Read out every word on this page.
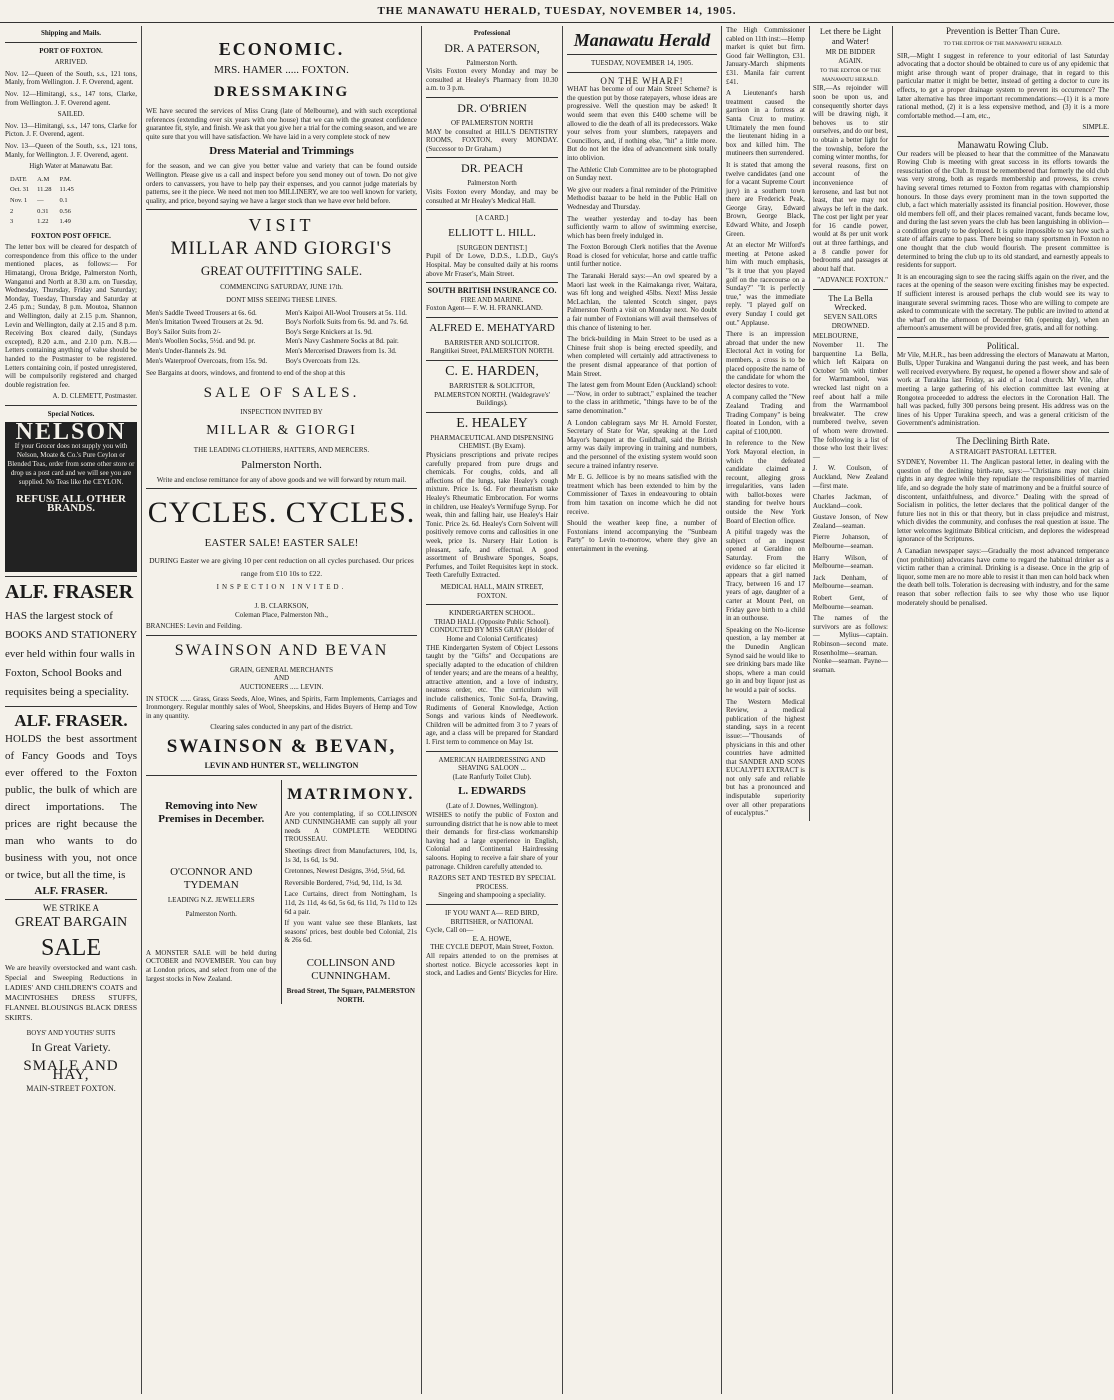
THE MANAWATU HERALD, TUESDAY, NOVEMBER 14, 1905.
Shipping and Mails.
PORT OF FOXTON.
ARRIVED.

Nov. 12—Queen of the South, s.s., 121 tons, Manly, from Wellington. J. F. Overend, agent.

Nov. 12—Himitangi, s.s., 147 tons, Clarke, from Wellington. J. F. Overend agent.

SAILED.

Nov. 13—Himitangi, s.s., 147 tons, Clarke for Picton. J. F. Overend, agent.

Nov. 13—Queen of the South, s.s., 121 tons, Manly, for Wellington. J. F. Overend, agent.

High Water at Manawatu Bar.
DATE	A.M	P.M.
Oct. 31	11.28	11.45
Nov. 1	—	0.1
2	0.31	0.56
3	1.22	1.49
FOXTON POST OFFICE.

The letter box will be cleared for despatch of correspondence from this office to the under mentioned places, as follows:— For Himatangi, Oroua Bridge, Palmerston North, Wanganui and North at 8.30 a.m. on Tuesday, Wednesday, Thursday, Friday and Saturday; Monday, Tuesday, Thursday and Saturday at 2.45 p.m.; Sunday, 8 p.m. Moutoa, Shannon and Wellington, daily at 2.15 p.m. Shannon, Levin and Wellington, daily at 2.15 and 8 p.m. Receiving Box cleared daily, (Sundays excepted), 8.20 a.m., and 2.10 p.m. N.B.—Letters containing anything of value should be handed to the Postmaster to be registered. Letters containing coin, if posted unregistered, will be compulsorily registered and charged double registration fee.

A. D. CLEMETT, Postmaster.

Special Notices.
NELSON
If your Grocer does not supply you with Nelson, Moate & Co.'s Pure Ceylon or Blended Teas, order from some other store or drop us a post card and we will see you are supplied. No Teas like the CEYLON.
REFUSE ALL OTHER BRANDS.
ALF. FRASER
HAS the largest stock of BOOKS AND STATIONERY ever held within four walls in Foxton, School Books and requisites being a speciality.
ALF. FRASER.
HOLDS the best assortment of Fancy Goods and Toys ever offered to the Foxton public, the bulk of which are direct importations. The prices are right because the man who wants to do business with you, not once or twice, but all the time, is
ALF. FRASER.
WE STRIKE A
GREAT BARGAIN
SALE

We are heavily overstocked and want cash. Special and Sweeping Reductions in LADIES' AND CHILDREN'S COATS and MACINTOSHES DRESS STUFFS, FLANNEL BLOUSINGS BLACK DRESS SKIRTS.

BOYS' AND YOUTHS' SUITS
In Great Variety.
SMALE AND HAY,
MAIN-STREET FOXTON.
ECONOMIC.
MRS. HAMER ..... FOXTON.
DRESSMAKING

WE have secured the services of Miss Crang (late of Melbourne), and with such exceptional references (extending over six years with one house) that we can with the greatest confidence guarantee fit, style, and finish. We ask that you give her a trial for the coming season, and we are quite sure that you will have satisfaction. We have laid in a very complete stock of new

Dress Material and Trimmings

for the season, and we can give you better value and variety that can be found outside Wellington. Please give us a call and inspect before you send money out of town. Do not give orders to canvassers, you have to help pay their expenses, and you cannot judge materials by patterns, see it the piece. We need not men too MILLINERY, we are too well known for variety, quality, and price, beyond saying we have a larger stock than we have ever held before.

VISIT
MILLAR AND GIORGI'S
GREAT OUTFITTING SALE.
COMMENCING SATURDAY, JUNE 17th.
DONT MISS SEEING THESE LINES.
Men's Saddle Tweed Trousers at 6s. 6d.	Men's Kaipoi All-Wool Trousers at 5s. 11d.
Men's Imitation Tweed Trousers at 2s. 9d.	Boy's Norfolk Suits from 6s. 9d. and 7s. 6d.
Boy's Sailor Suits from 2/-	Boy's Serge Knickers at 1s. 9d.
Men's Woollen Socks, 5½d. and 9d. pr.	Men's Navy Cashmere Socks at 8d. pair.
Men's Under-flannels 2s. 9d.	Men's Mercerised Drawers from 1s. 3d.
Men's Waterproof Overcoats, from 15s. 9d.	Boy's Overcoats from 12s.

See Bargains at doors, windows, and frontend to end of the shop at this

SALE OF SALES.
INSPECTION INVITED BY
MILLAR & GIORGI
THE LEADING CLOTHIERS, HATTERS, AND MERCERS.
Palmerston North.
Write and enclose remittance for any of above goods and we will forward by return mail.
CYCLES. CYCLES.
EASTER SALE! EASTER SALE!
DURING Easter we are giving 10 per cent reduction on all cycles purchased. Our prices range from £10 10s to £22.
INSPECTION INVITED.
J. B. CLARKSON,
Coleman Place, Palmerston Nth.,
BRANCHES: Levin and Feilding.
SWAINSON AND BEVAN
GRAIN, GENERAL MERCHANTS
AND
AUCTIONEERS ..... LEVIN.

IN STOCK ...... Grass, Grass Seeds, Aloe, Wines, and Spirits, Farm Implements, Carriages and Ironmongery. Regular monthly sales of Wool, Sheepskins, and Hides Buyers of Hemp and Tow in any quantity.

Clearing sales conducted in any part of the district.
SWAINSON & BEVAN,
LEVIN AND HUNTER ST., WELLINGTON
Removing into New Premises in December.
O'CONNOR AND TYDEMAN
LEADING N.Z. JEWELLERS
Palmerston North.

A MONSTER SALE will be held during OCTOBER and NOVEMBER. You can buy at London prices, and select from one of the largest stocks in New Zealand.

MATRIMONY.

Are you contemplating, if so COLLINSON AND CUNNINGHAME can supply all your needs A COMPLETE WEDDING TROUSSEAU.

Sheetings direct from Manufacturers, 10d, 1s, 1s 3d, 1s 6d, 1s 9d.

Cretonnes, Newest Designs, 3½d, 5½d, 6d.

Reversible Bordered, 7½d, 9d, 11d, 1s 3d.

Lace Curtains, direct from Nottingham, 1s 11d, 2s 11d, 4s 6d, 5s 6d, 6s 11d, 7s 11d to 12s 6d a pair.

If you want value see these Blankets, last seasons' prices, best double bed Colonial, 21s & 26s 6d.

COLLINSON AND CUNNINGHAM.
Broad Street, The Square, PALMERSTON NORTH.
Professional
DR. A PATERSON,
Palmerston North.

Visits Foxton every Monday and may be consulted at Healey's Pharmacy from 10.30 a.m. to 3 p.m.

DR. O'BRIEN
OF PALMERSTON NORTH

MAY be consulted at HILL'S DENTISTRY ROOMS, FOXTON, every MONDAY. (Successor to Dr Graham.)

DR. PEACH
Palmerston North

Visits Foxton every Monday, and may be consulted at Mr Healey's Medical Hall.

[A CARD.]
ELLIOTT L. HILL.
[SURGEON DENTIST.]

Pupil of Dr Lowe, D.D.S., L.D.D., Guy's Hospital. May be consulted daily at his rooms above Mr Fraser's, Main Street.

SOUTH BRITISH INSURANCE CO.
FIRE AND MARINE.

Foxton Agent— F. W. H. FRANKLAND.

ALFRED E. MEHATYARD
BARRISTER AND SOLICITOR.
Rangitikei Street, PALMERSTON NORTH.
C. E. HARDEN,
BARRISTER & SOLICITOR,
PALMERSTON NORTH. (Waldegrave's' Buildings).
E. HEALEY
PHARMACEUTICAL AND DISPENSING CHEMIST. (By Exam).

Physicians prescriptions and private recipes carefully prepared from pure drugs and chemicals. For coughs, colds, and all affections of the lungs, take Healey's cough mixture. Price 1s. 6d. For rheumatism take Healey's Rheumatic Embrocation. For worms in children, use Healey's Vermifuge Syrup. For weak, thin and falling hair, use Healey's Hair Tonic. Price 2s. 6d. Healey's Corn Solvent will positively remove corns and callosities in one week, price 1s. Nursery Hair Lotion is pleasant, safe, and effectual. A good assortment of Brushware Sponges, Soaps, Perfumes, and Toilet Requisites kept in stock. Teeth Carefully Extracted.

MEDICAL HALL, MAIN STREET, FOXTON.
KINDERGARTEN SCHOOL.
TRIAD HALL (Opposite Public School).
CONDUCTED BY MISS GRAY (Holder of Home and Colonial Certificates)

THE Kindergarten System of Object Lessons taught by the "Gifts" and Occupations are specially adapted to the education of children of tender years; and are the means of a healthy, attractive attention, and a love of industry, neatness order, etc. The curriculum will include calisthenics, Tonic Sol-fa, Drawing, Rudiments of General Knowledge, Action Songs and various kinds of Needlework. Children will be admitted from 3 to 7 years of age, and a class will be prepared for Standard I. First term to commence on May 1st.

AMERICAN HAIRDRESSING AND SHAVING SALOON ...
(Late Ranfurly Toilet Club).
L. EDWARDS
(Late of J. Downes, Wellington).

WISHES to notify the public of Foxton and surrounding district that he is now able to meet their demands for first-class workmanship having had a large experience in English, Colonial and Continental Hairdressing saloons. Hoping to receive a fair share of your patronage. Children carefully attended to.

RAZORS SET AND TESTED BY SPECIAL PROCESS.
Singeing and shampooing a speciality.
IF YOU WANT A— RED BIRD, BRITISHER, or NATIONAL
Cycle, Call on—
E. A. HOWE,
THE CYCLE DEPOT, Main Street, Foxton.

All repairs attended to on the premises at shortest notice. Bicycle accessories kept in stock, and Ladies and Gents' Bicycles for Hire.

Manawatu Herald
TUESDAY, NOVEMBER 14, 1905.
ON THE WHARF!

WHAT has become of our Main Street Scheme? is the question put by those ratepayers, whose ideas are progressive. Well the question may be asked! It would seem that even this £400 scheme will be allowed to die the death of all its predecessors. Wake your selves from your slumbers, ratepayers and Councillors, and, if nothing else, "hit" a little more. But do not let the idea of advancement sink totally into oblivion.

The Athletic Club Committee are to be photographed on Sunday next.

We give our readers a final reminder of the Primitive Methodist bazaar to be held in the Public Hall on Wednesday and Thursday.

The weather yesterday and to-day has been sufficiently warm to allow of swimming exercise, which has been freely indulged in.

The Foxton Borough Clerk notifies that the Avenue Road is closed for vehicular, horse and cattle traffic until further notice.

The Taranaki Herald says:—An owl speared by a Maori last week in the Kaimakanga river, Waitara, was 6ft long and weighed 45lbs. Next! Miss Jessie McLachlan, the talented Scotch singer, pays Palmerston North a visit on Monday next. No doubt a fair number of Foxtonians will avail themselves of this chance of listening to her.

The brick-building in Main Street to be used as a Chinese fruit shop is being erected speedily, and when completed will certainly add attractiveness to the present dismal appearance of that portion of Main Street.

The latest gem from Mount Eden (Auckland) school:—"Now, in order to subtract," explained the teacher to the class in arithmetic, "things have to be of the same denomination."

A London cablegram says Mr H. Arnold Forster, Secretary of State for War, speaking at the Lord Mayor's banquet at the Guildhall, said the British army was daily improving in training and numbers, and the personnel of the existing system would soon secure a trained infantry reserve.

Mr E. G. Jellicoe is by no means satisfied with the treatment which has been extended to him by the Commissioner of Taxes in endeavouring to obtain from him taxation on income which he did not receive.

Should the weather keep fine, a number of Foxtonians intend accompanying the "Sunbeam Party" to Levin to-morrow, where they give an entertainment in the evening.

The High Commissioner cabled on 11th inst:—Hemp market is quiet but firm. Good fair Wellington, £31. January-March shipments £31. Manila fair current £41.

A Lieutenant's harsh treatment caused the garrison in a fortress at Santa Cruz to mutiny. Ultimately the men found the lieutenant hiding in a box and killed him. The mutineers then surrendered.

It is stated that among the twelve candidates (and one for a vacant Supreme Court jury) in a southern town there are Frederick Peak, George Gray, Edward Brown, George Black, Edward White, and Joseph Green.

At an elector Mr Wilford's meeting at Petone asked him with much emphasis, "Is it true that you played golf on the racecourse on a Sunday?" "It is perfectly true," was the immediate reply. "I played golf on every Sunday I could get out." Applause.

There is an impression abroad that under the new Electoral Act in voting for members, a cross is to be placed opposite the name of the candidate for whom the elector desires to vote.

A company called the "New Zealand Trading and Trading Company" is being floated in London, with a capital of £100,000.

In reference to the New York Mayoral election, in which the defeated candidate claimed a recount, alleging gross irregularities, vans laden with ballot-boxes were standing for twelve hours outside the New York Board of Election office.

A pitiful tragedy was the subject of an inquest opened at Geraldine on Saturday. From the evidence so far elicited it appears that a girl named Tracy, between 16 and 17 years of age, daughter of a carter at Mount Peel, on Friday gave birth to a child in an outhouse.

Speaking on the No-license question, a lay member at the Dunedin Anglican Synod said he would like to see drinking bars made like shops, where a man could go in and buy liquor just as he would a pair of socks.

The Western Medical Review, a medical publication of the highest standing, says in a recent issue:—"Thousands of physicians in this and other countries have admitted that SANDER AND SONS EUCALYPTI EXTRACT is not only safe and reliable but has a pronounced and indisputable superiority over all other preparations of eucalyptus."

Let there be Light and Water!
MR DE BIDDER AGAIN.
TO THE EDITOR OF THE MANAWATU HERALD.

SIR,—As rejoinder will soon be upon us, and consequently shorter days will be drawing nigh, it behoves us to stir ourselves, and do our best, to obtain a better light for the township, before the coming winter months, for several reasons, first on account of the inconvenience of kerosene, and last but not least, that we may not always be left in the dark. The cost per light per year for 16 candle power, would at 8s per unit work out at three farthings, and a 8 candle power for bedrooms and passages at about half that.

"ADVANCE FOXTON."

The La Bella Wrecked.
SEVEN SAILORS DROWNED.

MELBOURNE, November 11. The barquentine La Bella, which left Kaipara on October 5th with timber for Warrnambool, was wrecked last night on a reef about half a mile from the Warrnambool breakwater. The crew numbered twelve, seven of whom were drowned. The following is a list of those who lost their lives:—

J. W. Coulson, of Auckland, New Zealand—first mate.

Charles Jackman, of Auckland—cook.

Gustave Jonson, of New Zealand—seaman.

Pierre Johanson, of Melbourne—seaman.

Harry Wilson, of Melbourne—seaman.

Jack Denham, of Melbourne—seaman.

Robert Gent, of Melbourne—seaman.

The names of the survivors are as follows:— Mylius—captain. Robinson—second mate. Rosenholme—seaman. Nonke—seaman. Payne—seaman.

Prevention is Better Than Cure.
TO THE EDITOR OF THE MANAWATU HERALD.

SIR,—Might I suggest in reference to your editorial of last Saturday advocating that a doctor should be obtained to cure us of any epidemic that might arise through want of proper drainage, that in regard to this particular matter it might be better, instead of getting a doctor to cure its effects, to get a proper drainage system to prevent its occurrence? The latter alternative has three important recommendations:—(1) it is a more rational method, (2) it is a less expensive method, and (3) it is a more comfortable method.—I am, etc.,

SIMPLE.

Manawatu Rowing Club.

Our readers will be pleased to hear that the committee of the Manawatu Rowing Club is meeting with great success in its efforts towards the resuscitation of the Club. It must be remembered that formerly the old club was very strong, both as regards membership and prowess, its crews having several times returned to Foxton from regattas with championship honours. In those days every prominent man in the town supported the club, a fact which materially assisted its financial position. However, those old members fell off, and their places remained vacant, funds became low, and during the last seven years the club has been languishing in oblivion—a condition greatly to be deplored. It is quite impossible to say how such a state of affairs came to pass. There being so many sportsmen in Foxton no one thought that the club would flourish. The present committee is determined to bring the club up to its old standard, and earnestly appeals to residents for support.

It is an encouraging sign to see the racing skiffs again on the river, and the races at the opening of the season were exciting finishes may be expected. If sufficient interest is aroused perhaps the club would see its way to inaugurate several swimming races. Those who are willing to compete are asked to communicate with the secretary. The public are invited to attend at the wharf on the afternoon of December 6th (opening day), when an afternoon's amusement will be provided free, gratis, and all for nothing.

Political.

Mr Vile, M.H.R., has been addressing the electors of Manawatu at Marton, Bulls, Upper Turakina and Wanganui during the past week, and has been well received everywhere. By request, he opened a flower show and sale of work at Turakina last Friday, as aid of a local church. Mr Vile, after meeting a large gathering of his election committee last evening at Rongotea proceeded to address the electors in the Coronation Hall. The hall was packed, fully 300 persons being present. His address was on the lines of his Upper Turakina speech, and was a general criticism of the Government's administration.

The Declining Birth Rate.
A STRAIGHT PASTORAL LETTER.

SYDNEY, November 11. The Anglican pastoral letter, in dealing with the question of the declining birth-rate, says:—"Christians may not claim rights in any degree while they repudiate the responsibilities of married life, and so degrade the holy state of matrimony and be a fruitful source of discontent, unfaithfulness, and divorce." Dealing with the spread of Socialism in politics, the letter declares that the political danger of the future lies not in this or that theory, but in class prejudice and mistrust, which divides the community, and confuses the real question at issue. The letter welcomes legitimate Biblical criticism, and deplores the widespread ignorance of the Scriptures.

A Canadian newspaper says:—Gradually the most advanced temperance (not prohibition) advocates have come to regard the habitual drinker as a victim rather than a criminal. Drinking is a disease. Once in the grip of liquor, some men are no more able to resist it than men can hold back when the death bell tolls. Toleration is decreasing with industry, and for the same reason that sober reflection fails to see why those who use liquor moderately should be penalised.
